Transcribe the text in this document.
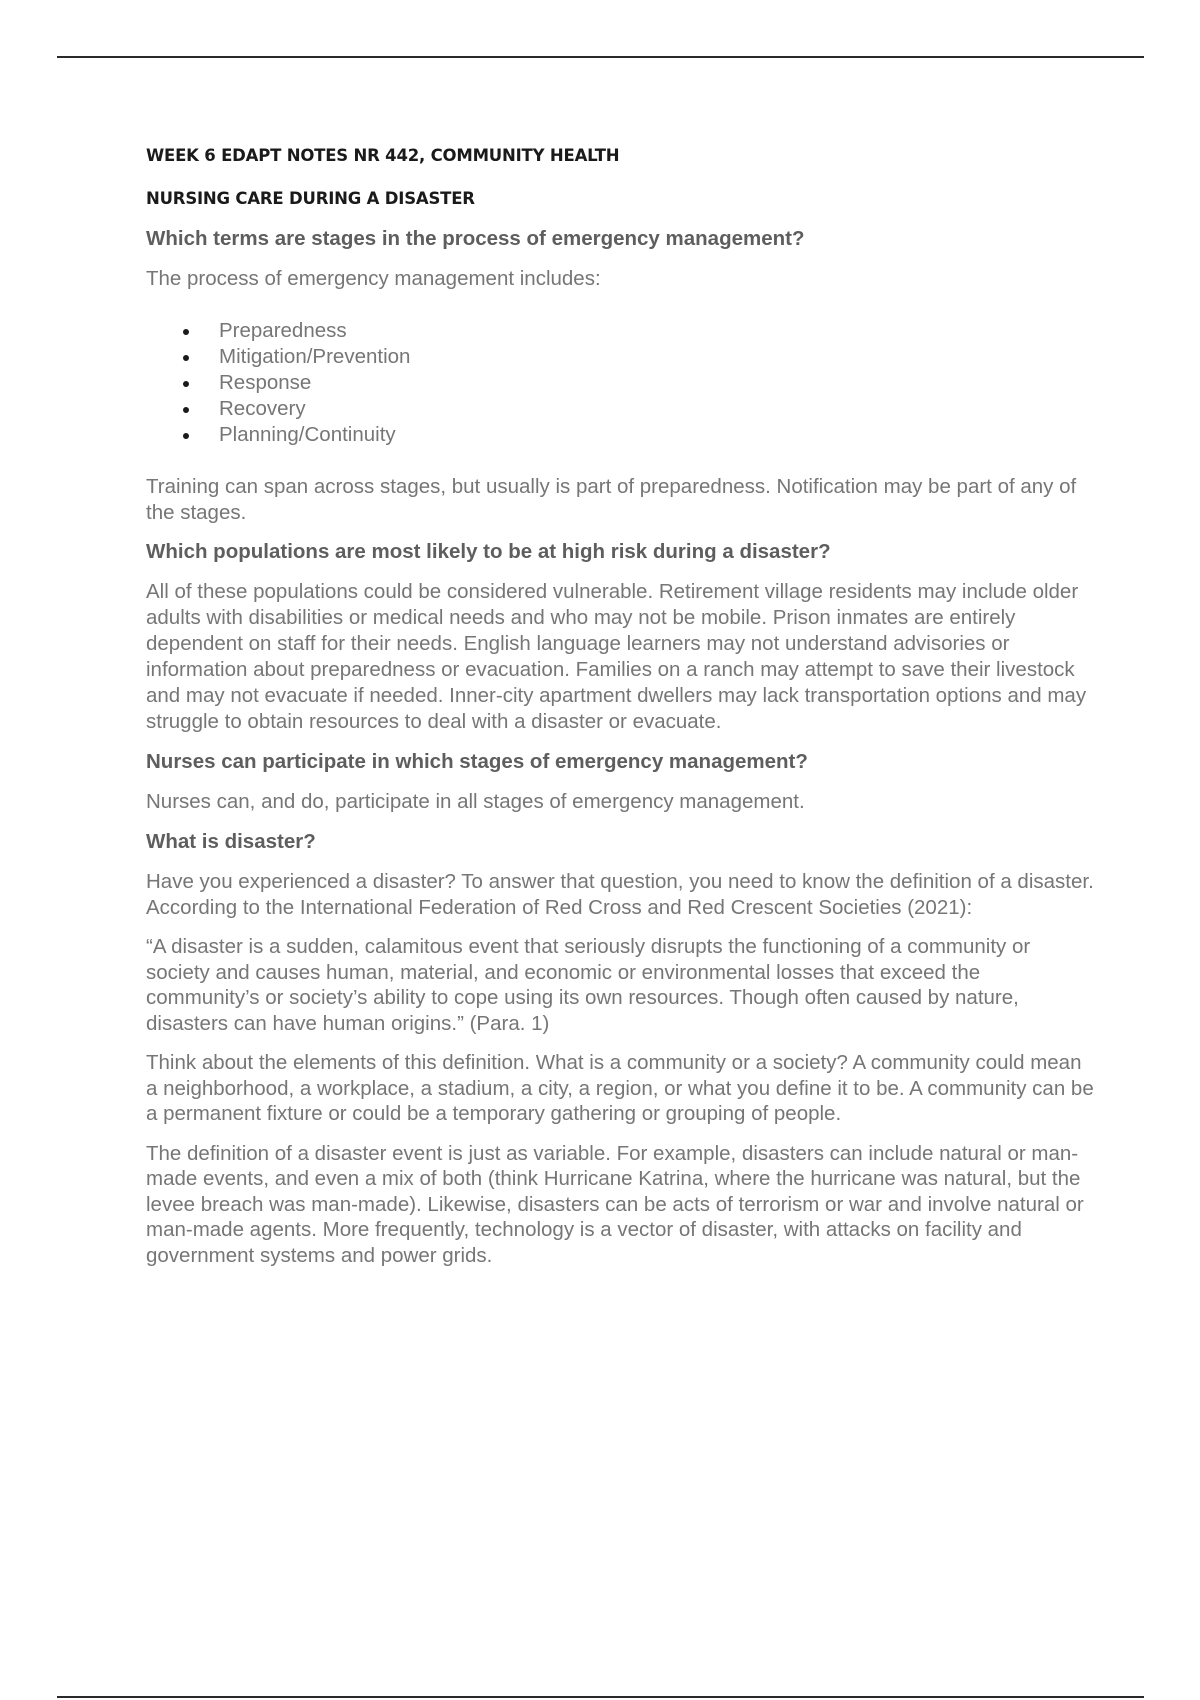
WEEK 6 EDAPT NOTES NR 442, COMMUNITY HEALTH
NURSING CARE DURING A DISASTER
Which terms are stages in the process of emergency management?
The process of emergency management includes:
Preparedness
Mitigation/Prevention
Response
Recovery
Planning/Continuity
Training can span across stages, but usually is part of preparedness. Notification may be part of any of the stages.
Which populations are most likely to be at high risk during a disaster?
All of these populations could be considered vulnerable. Retirement village residents may include older adults with disabilities or medical needs and who may not be mobile. Prison inmates are entirely dependent on staff for their needs. English language learners may not understand advisories or information about preparedness or evacuation. Families on a ranch may attempt to save their livestock and may not evacuate if needed. Inner-city apartment dwellers may lack transportation options and may struggle to obtain resources to deal with a disaster or evacuate.
Nurses can participate in which stages of emergency management?
Nurses can, and do, participate in all stages of emergency management.
What is disaster?
Have you experienced a disaster? To answer that question, you need to know the definition of a disaster. According to the International Federation of Red Cross and Red Crescent Societies (2021):
“A disaster is a sudden, calamitous event that seriously disrupts the functioning of a community or society and causes human, material, and economic or environmental losses that exceed the community’s or society’s ability to cope using its own resources. Though often caused by nature, disasters can have human origins.” (Para. 1)
Think about the elements of this definition. What is a community or a society? A community could mean a neighborhood, a workplace, a stadium, a city, a region, or what you define it to be. A community can be a permanent fixture or could be a temporary gathering or grouping of people.
The definition of a disaster event is just as variable. For example, disasters can include natural or man-made events, and even a mix of both (think Hurricane Katrina, where the hurricane was natural, but the levee breach was man-made). Likewise, disasters can be acts of terrorism or war and involve natural or man-made agents. More frequently, technology is a vector of disaster, with attacks on facility and government systems and power grids.
